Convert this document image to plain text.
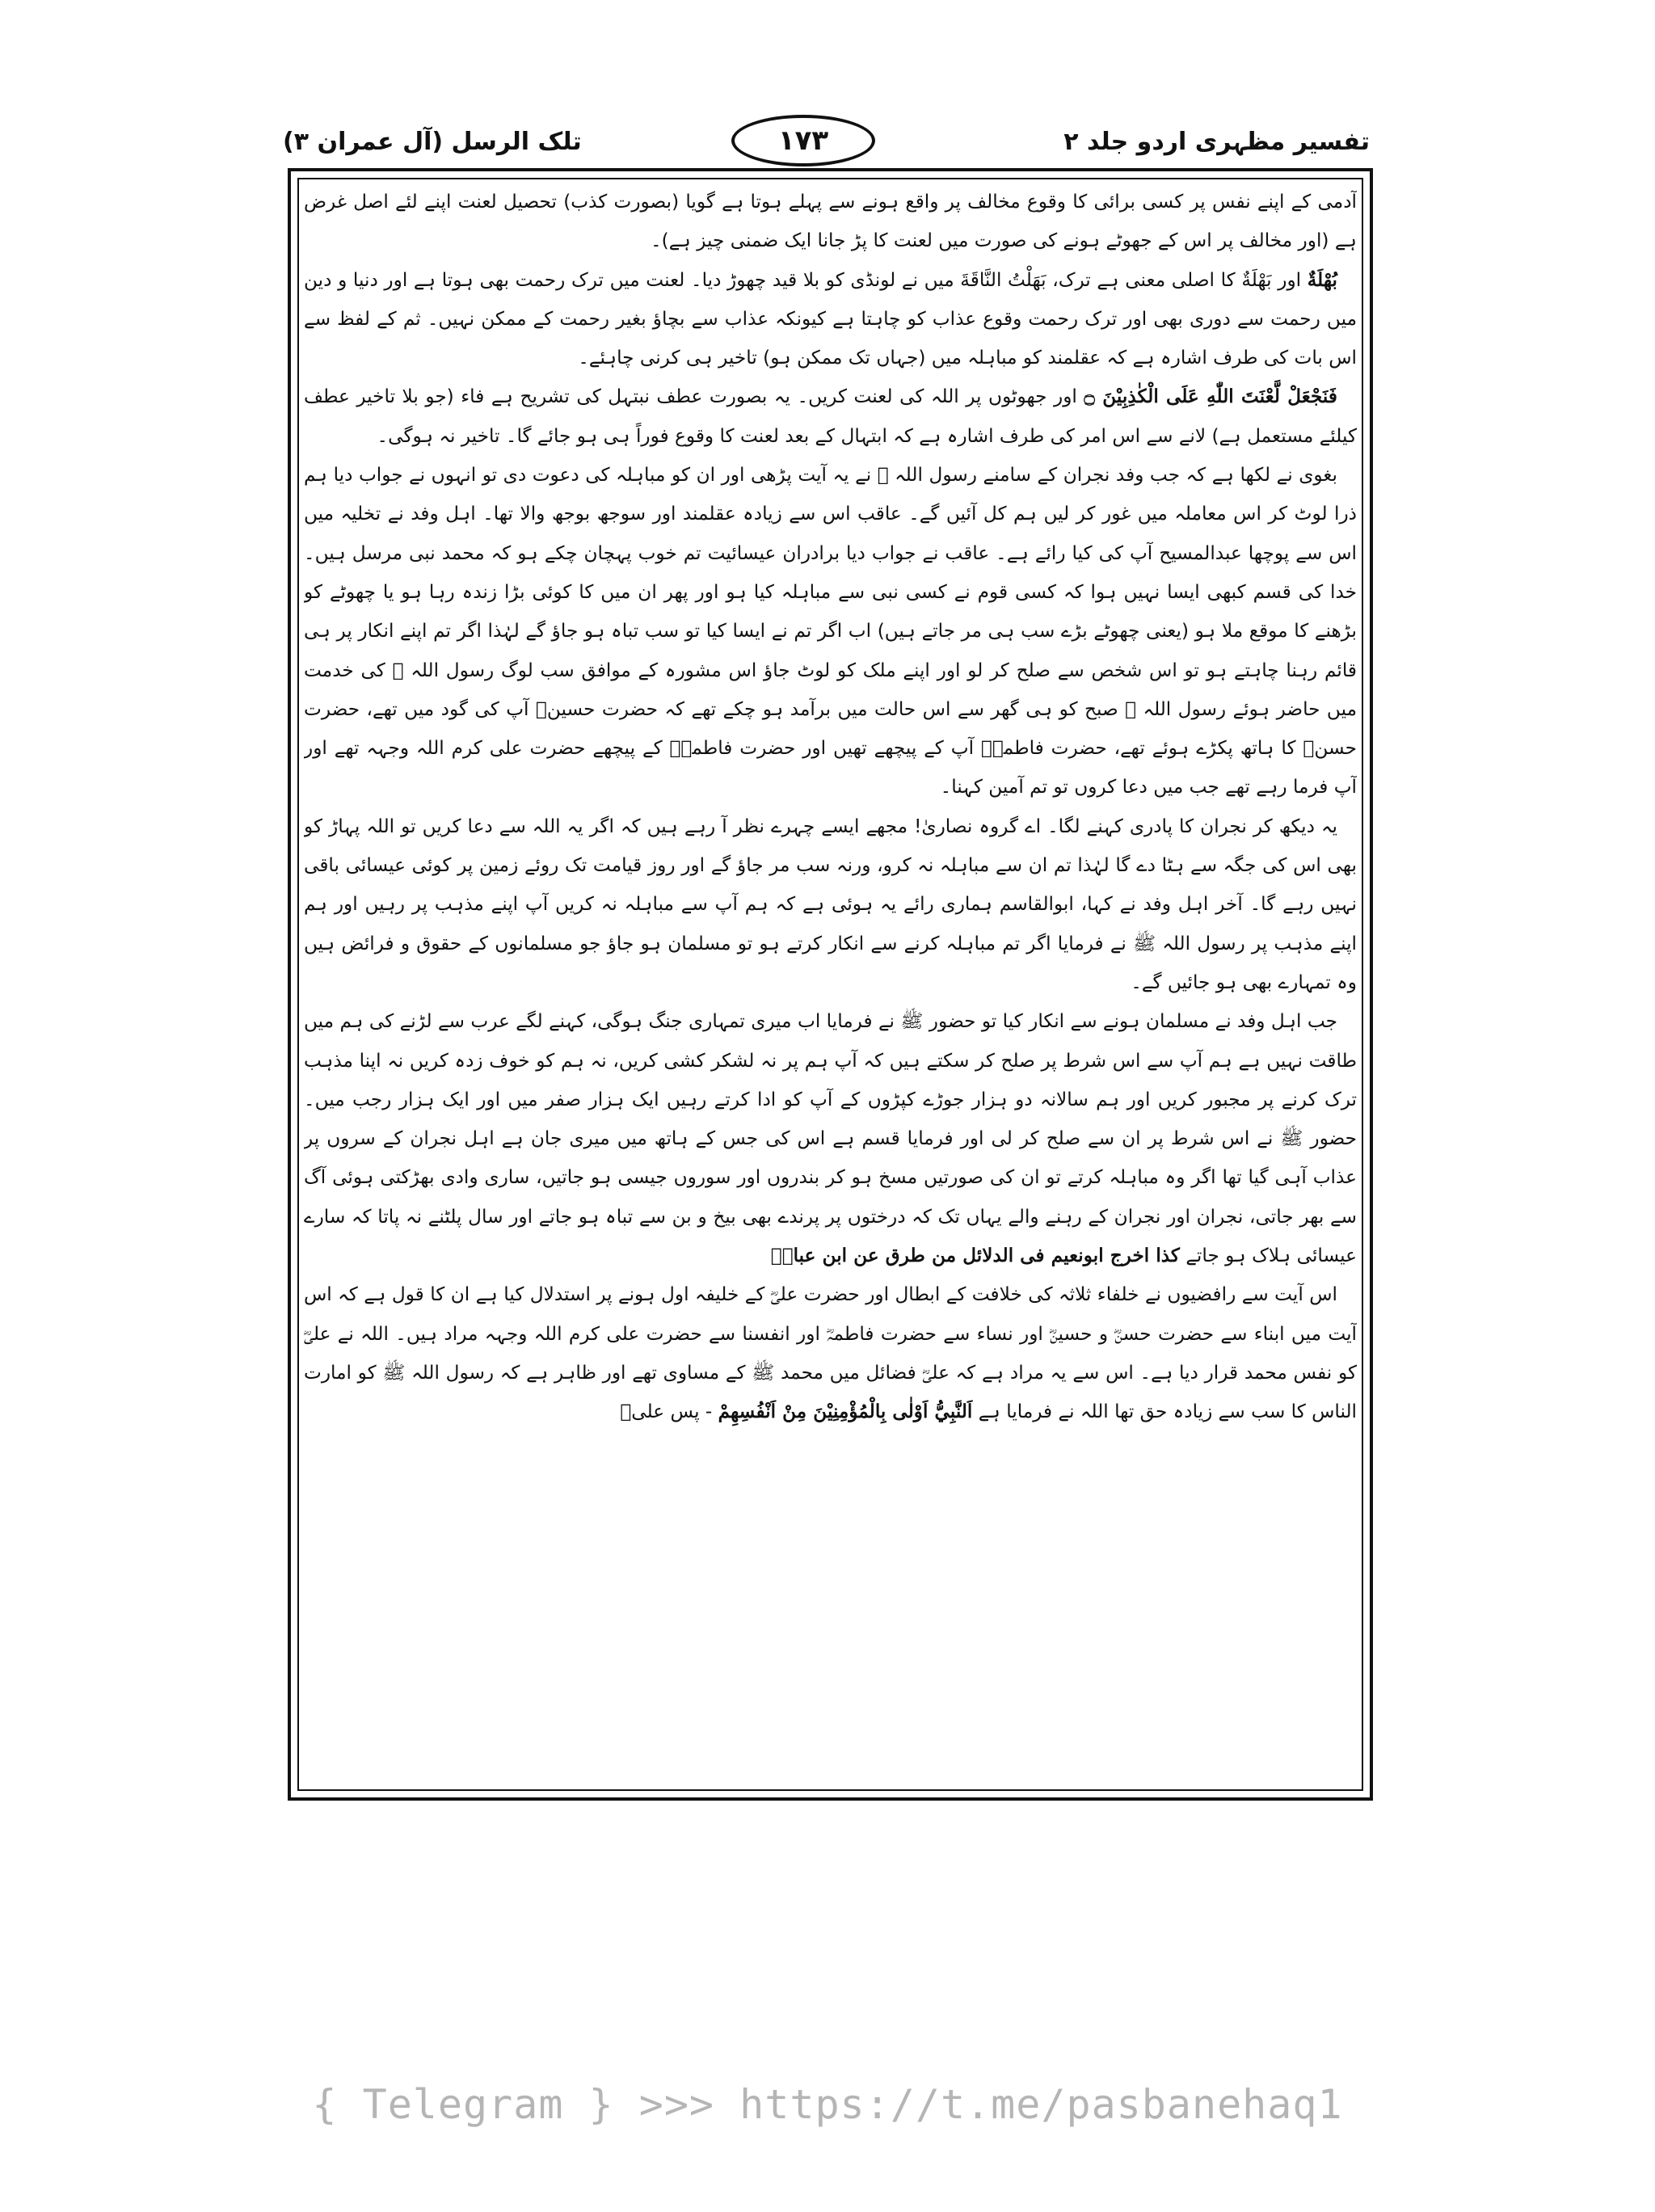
تفسیر مظہری اردو جلد ۲
تلک الرسل (آل عمران ۳)	۱۷۳

آدمی کے اپنے نفس پر کسی برائی کا وقوع مخالف پر واقع ہونے سے پہلے ہوتا ہے گویا (بصورت کذب) تحصیل لعنت اپنے لئے اصل غرض ہے (اور مخالف پر اس کے جھوٹے ہونے کی صورت میں لعنت کا پڑ جانا ایک ضمنی چیز ہے)۔

بُهْلَةٌ اور بَهْلَةٌ کا اصلی معنی ہے ترک، بَهَلْتُ النَّاقَةَ میں نے لونڈی کو بلا قید چھوڑ دیا۔ لعنت میں ترک رحمت بھی ہوتا ہے اور دنیا و دین میں رحمت سے دوری بھی اور ترک رحمت وقوع عذاب کو چاہتا ہے کیونکہ عذاب سے بچاؤ بغیر رحمت کے ممکن نہیں۔ ثم کے لفظ سے اس بات کی طرف اشارہ ہے کہ عقلمند کو مباہلہ میں (جہاں تک ممکن ہو) تاخیر ہی کرنی چاہئے۔

فَنَجْعَلْ لَّعْنَتَ اللّٰهِ عَلَى الْكٰذِبِيْنَ ۝ اور جھوٹوں پر اللہ کی لعنت کریں۔ یہ بصورت عطف نبتہل کی تشریح ہے فاء (جو بلا تاخیر عطف کیلئے مستعمل ہے) لانے سے اس امر کی طرف اشارہ ہے کہ ابتہال کے بعد لعنت کا وقوع فوراً ہی ہو جائے گا۔ تاخیر نہ ہوگی۔

بغوی نے لکھا ہے کہ جب وفد نجران کے سامنے رسول اللہ ﷺ نے یہ آیت پڑھی اور ان کو مباہلہ کی دعوت دی تو انہوں نے جواب دیا ہم ذرا لوٹ کر اس معاملہ میں غور کر لیں ہم کل آئیں گے۔ عاقب اس سے زیادہ عقلمند اور سوجھ بوجھ والا تھا۔ اہل وفد نے تخلیہ میں اس سے پوچھا عبدالمسیح آپ کی کیا رائے ہے۔ عاقب نے جواب دیا برادران عیسائیت تم خوب پہچان چکے ہو کہ محمد نبی مرسل ہیں۔ خدا کی قسم کبھی ایسا نہیں ہوا کہ کسی قوم نے کسی نبی سے مباہلہ کیا ہو اور پھر ان میں کا کوئی بڑا زندہ رہا ہو یا چھوٹے کو بڑھنے کا موقع ملا ہو (یعنی چھوٹے بڑے سب ہی مر جاتے ہیں) اب اگر تم نے ایسا کیا تو سب تباہ ہو جاؤ گے لہٰذا اگر تم اپنے انکار پر ہی قائم رہنا چاہتے ہو تو اس شخص سے صلح کر لو اور اپنے ملک کو لوٹ جاؤ اس مشورہ کے موافق سب لوگ رسول اللہ ﷺ کی خدمت میں حاضر ہوئے رسول اللہ ﷺ صبح کو ہی گھر سے اس حالت میں برآمد ہو چکے تھے کہ حضرت حسینؓ آپ کی گود میں تھے، حضرت حسنؓ کا ہاتھ پکڑے ہوئے تھے، حضرت فاطمہؓ آپ کے پیچھے تھیں اور حضرت فاطمہؓ کے پیچھے حضرت علی کرم اللہ وجہہ تھے اور آپ فرما رہے تھے جب میں دعا کروں تو تم آمین کہنا۔

یہ دیکھ کر نجران کا پادری کہنے لگا۔ اے گروہ نصاریٰ! مجھے ایسے چہرے نظر آ رہے ہیں کہ اگر یہ اللہ سے دعا کریں تو اللہ پہاڑ کو بھی اس کی جگہ سے ہٹا دے گا لہٰذا تم ان سے مباہلہ نہ کرو، ورنہ سب مر جاؤ گے اور روز قیامت تک روئے زمین پر کوئی عیسائی باقی نہیں رہے گا۔ آخر اہل وفد نے کہا، ابوالقاسم ہماری رائے یہ ہوئی ہے کہ ہم آپ سے مباہلہ نہ کریں آپ اپنے مذہب پر رہیں اور ہم اپنے مذہب پر رسول اللہ ﷺ نے فرمایا اگر تم مباہلہ کرنے سے انکار کرتے ہو تو مسلمان ہو جاؤ جو مسلمانوں کے حقوق و فرائض ہیں وہ تمہارے بھی ہو جائیں گے۔

جب اہل وفد نے مسلمان ہونے سے انکار کیا تو حضور ﷺ نے فرمایا اب میری تمہاری جنگ ہوگی، کہنے لگے عرب سے لڑنے کی ہم میں طاقت نہیں ہے ہم آپ سے اس شرط پر صلح کر سکتے ہیں کہ آپ ہم پر نہ لشکر کشی کریں، نہ ہم کو خوف زدہ کریں نہ اپنا مذہب ترک کرنے پر مجبور کریں اور ہم سالانہ دو ہزار جوڑے کپڑوں کے آپ کو ادا کرتے رہیں ایک ہزار صفر میں اور ایک ہزار رجب میں۔ حضور ﷺ نے اس شرط پر ان سے صلح کر لی اور فرمایا قسم ہے اس کی جس کے ہاتھ میں میری جان ہے اہل نجران کے سروں پر عذاب آہی گیا تھا اگر وہ مباہلہ کرتے تو ان کی صورتیں مسخ ہو کر بندروں اور سوروں جیسی ہو جاتیں، ساری وادی بھڑکتی ہوئی آگ سے بھر جاتی، نجران اور نجران کے رہنے والے یہاں تک کہ درختوں پر پرندے بھی بیخ و بن سے تباہ ہو جاتے اور سال پلٹنے نہ پاتا کہ سارے عیسائی ہلاک ہو جاتے کذا اخرج ابونعیم فی الدلائل من طرق عن ابن عباسؓ

اس آیت سے رافضیوں نے خلفاء ثلاثہ کی خلافت کے ابطال اور حضرت علیؓ کے خلیفہ اول ہونے پر استدلال کیا ہے ان کا قول ہے کہ اس آیت میں ابناء سے حضرت حسنؓ و حسینؓ اور نساء سے حضرت فاطمہؓ اور انفسنا سے حضرت علی کرم اللہ وجہہ مراد ہیں۔ اللہ نے علیؓ کو نفس محمد قرار دیا ہے۔ اس سے یہ مراد ہے کہ علیؓ فضائل میں محمد ﷺ کے مساوی تھے اور ظاہر ہے کہ رسول اللہ ﷺ کو امارت الناس کا سب سے زیادہ حق تھا اللہ نے فرمایا ہے اَلنَّبِيُّ اَوْلٰى بِالْمُؤْمِنِيْنَ مِنْ اَنْفُسِهِمْ - پس علیؓ

{ Telegram } >>> https://t.me/pasbanehaq1
